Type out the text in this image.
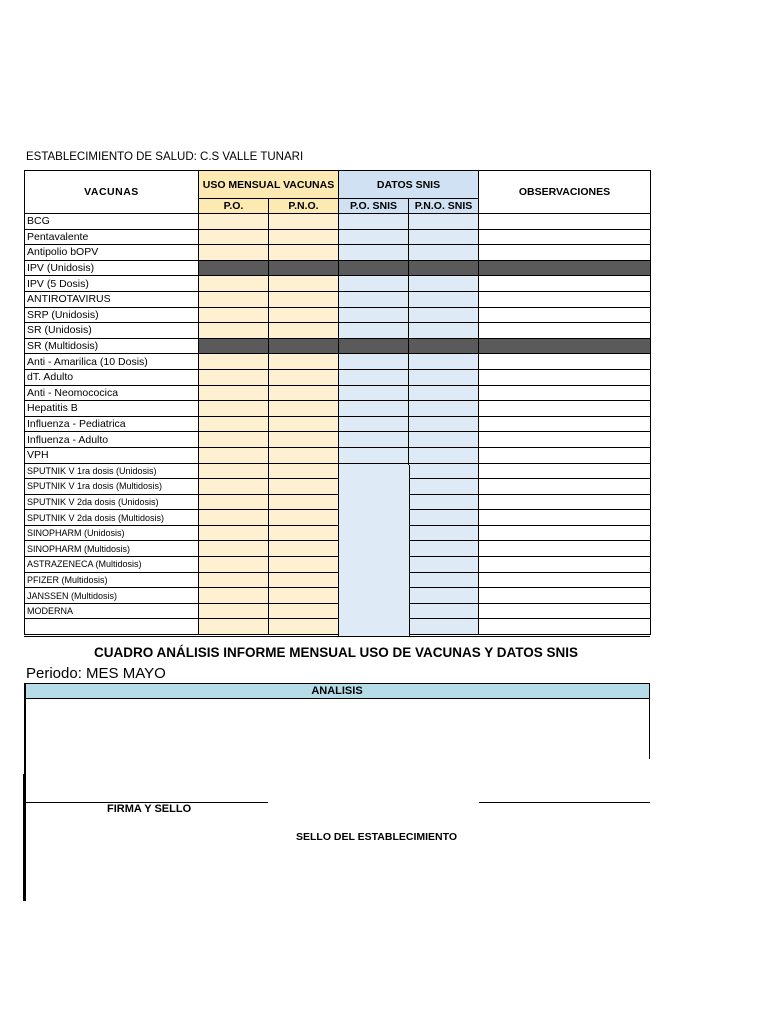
ESTABLECIMIENTO DE SALUD: C.S VALLE TUNARI
VACUNAS	USO MENSUAL VACUNAS		DATOS SNIS		OBSERVACIONES
	P.O.	P.N.O.	P.O. SNIS	P.N.O. SNIS	
BCG					
Pentavalente					
Antipolio bOPV					
IPV (Unidosis)					
IPV (5 Dosis)					
ANTIROTAVIRUS					
SRP (Unidosis)					
SR (Unidosis)					
SR (Multidosis)					
Anti - Amarilica (10 Dosis)					
dT. Adulto					
Anti - Neomococica					
Hepatitis B					
Influenza - Pediatrica					
Influenza - Adulto					
VPH					
SPUTNIK V 1ra dosis (Unidosis)					
SPUTNIK V 1ra dosis (Multidosis)					
SPUTNIK V 2da dosis (Unidosis)					
SPUTNIK V 2da dosis (Multidosis)					
SINOPHARM (Unidosis)					
SINOPHARM (Multidosis)					
ASTRAZENECA (Multidosis)					
PFIZER (Multidosis)					
JANSSEN (Multidosis)					
MODERNA					

CUADRO ANÁLISIS INFORME MENSUAL USO DE VACUNAS Y DATOS SNIS
Periodo: MES MAYO
ANALISIS
FIRMA Y SELLO
SELLO DEL ESTABLECIMIENTO
